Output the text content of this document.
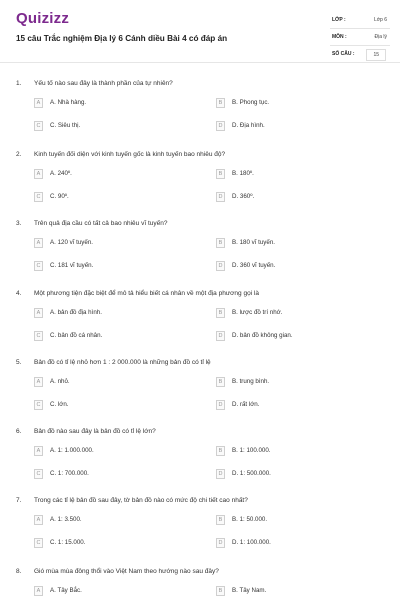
Quizizz
15 câu Trắc nghiệm Địa lý 6 Cánh diều Bài 4 có đáp án
LỚP :	Lớp 6
MÔN :	Địa lý
SỐ CÂU :	15
1. Yếu tố nào sau đây là thành phần của tự nhiên?
A	A. Nhà hàng.	B	B. Phong tục.
C	C. Siêu thị.	D	D. Địa hình.
2. Kinh tuyến đối diện với kinh tuyến gốc là kinh tuyến bao nhiêu độ?
A	A. 240º.	B	B. 180º.
C	C. 90º.	D	D. 360º.
3. Trên quả địa cầu có tất cả bao nhiêu vĩ tuyến?
A	A. 120 vĩ tuyến.	B	B. 180 vĩ tuyến.
C	C. 181 vĩ tuyến.	D	D. 360 vĩ tuyến.
4. Một phương tiện đặc biệt để mô tả hiểu biết cá nhân về một địa phương gọi là
A	A. bản đồ địa hình.	B	B. lược đồ trí nhớ.
C	C. bản đồ cá nhân.	D	D. bản đồ không gian.
5. Bản đồ có tỉ lệ nhỏ hơn 1 : 2 000.000 là những bản đồ có tỉ lệ
A	A. nhỏ.	B	B. trung bình.
C	C. lớn.	D	D. rất lớn.
6. Bản đồ nào sau đây là bản đồ có tỉ lệ lớn?
A	A. 1: 1.000.000.	B	B. 1: 100.000.
C	C. 1: 700.000.	D	D. 1: 500.000.
7. Trong các tỉ lệ bản đồ sau đây, tờ bản đồ nào có mức độ chi tiết cao nhất?
A	A. 1: 3.500.	B	B. 1: 50.000.
C	C. 1: 15.000.	D	D. 1: 100.000.
8. Gió mùa mùa đông thổi vào Việt Nam theo hướng nào sau đây?
A	A. Tây Bắc.	B	B. Tây Nam.
